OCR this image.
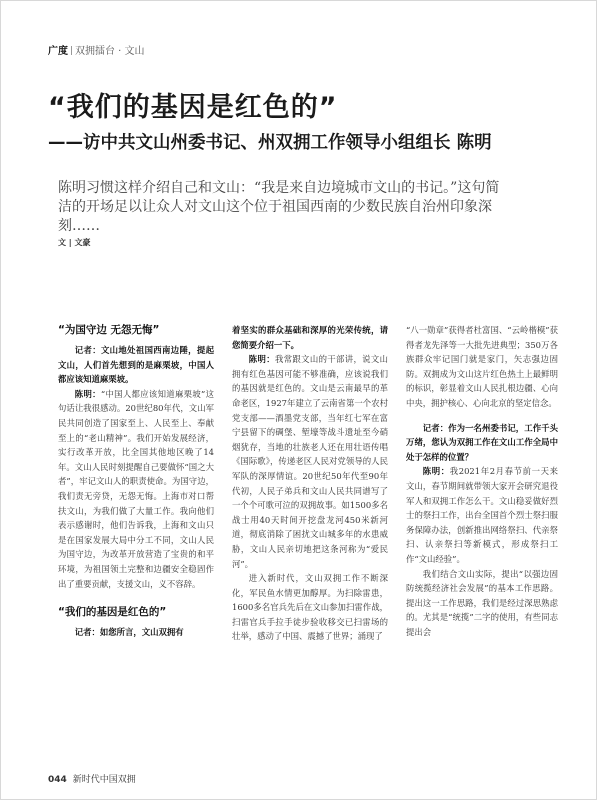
广度 双拥擂台 · 文山
“我们的基因是红色的”
——访中共文山州委书记、州双拥工作领导小组组长 陈明

陈明习惯这样介绍自己和文山：“我是来自边境城市文山的书记。”这句简洁的开场足以让众人对文山这个位于祖国西南的少数民族自治州印象深刻……

文 | 文豪
“为国守边 无怨无悔”

记者：文山地处祖国西南边陲，提起文山，人们首先想到的是麻栗坡，中国人都应该知道麻栗坡。

陈明：“中国人都应该知道麻栗坡”这句话让我很感动。20世纪80年代，文山军民共同创造了国家至上、人民至上、奉献至上的“老山精神”。我们开始发展经济，实行改革开放，比全国其他地区晚了14年。文山人民时刻提醒自己要做怀“国之大者”，牢记文山人的职责使命。为国守边，我们责无旁贷，无怨无悔。上海市对口帮扶文山，为我们做了大量工作。我向他们表示感谢时，他们告诉我，上海和文山只是在国家发展大局中分工不同，文山人民为国守边，为改革开放营造了宝贵的和平环境，为祖国领土完整和边疆安全稳固作出了重要贡献，支援文山，义不容辞。

“我们的基因是红色的”

记者：如您所言，文山双拥有

着坚实的群众基础和深厚的光荣传统，请您简要介绍一下。

陈明：我常跟文山的干部讲，说文山拥有红色基因可能不够准确，应该说我们的基因就是红色的。文山是云南最早的革命老区，1927年建立了云南省第一个农村党支部——酒墨党支部，当年红七军在富宁县留下的碉堡、堑壕等战斗遗址至今硝烟犹存，当地的壮族老人还在用壮语传唱《国际歌》，传递老区人民对党领导的人民军队的深厚情谊。20世纪50年代至90年代初，人民子弟兵和文山人民共同谱写了一个个可歌可泣的双拥故事。如1500多名战士用40天时间开挖盘龙河450米新河道，彻底消除了困扰文山城多年的水患威胁，文山人民亲切地把这条河称为“爱民河”。

进入新时代，文山双拥工作不断深化，军民鱼水情更加醇厚。为扫除雷患，1600多名官兵先后在文山参加扫雷作战，扫雷官兵手拉手徒步验收移交已扫雷场的壮举，感动了中国、震撼了世界；涌现了

“八一勋章”获得者杜富国、“云岭楷模”获得者龙先泽等一大批先进典型；350万各族群众牢记国门就是家门，矢志强边固防。双拥成为文山这片红色热土上最鲜明的标识，彰显着文山人民扎根边疆、心向中央，拥护核心、心向北京的坚定信念。

记者：作为一名州委书记，工作千头万绪，您认为双拥工作在文山工作全局中处于怎样的位置？

陈明：我2021年2月春节前一天来文山，春节期间就带领大家开会研究退役军人和双拥工作怎么干。文山稳妥做好烈士的祭扫工作，出台全国首个烈士祭扫服务保障办法，创新推出网络祭扫、代亲祭扫、认亲祭扫等新模式，形成祭扫工作“文山经验”。

我们结合文山实际，提出“以强边固防统揽经济社会发展”的基本工作思路。提出这一工作思路，我们是经过深思熟虑的。尤其是“统揽”二字的使用，有些同志提出会

044 新时代中国双拥
